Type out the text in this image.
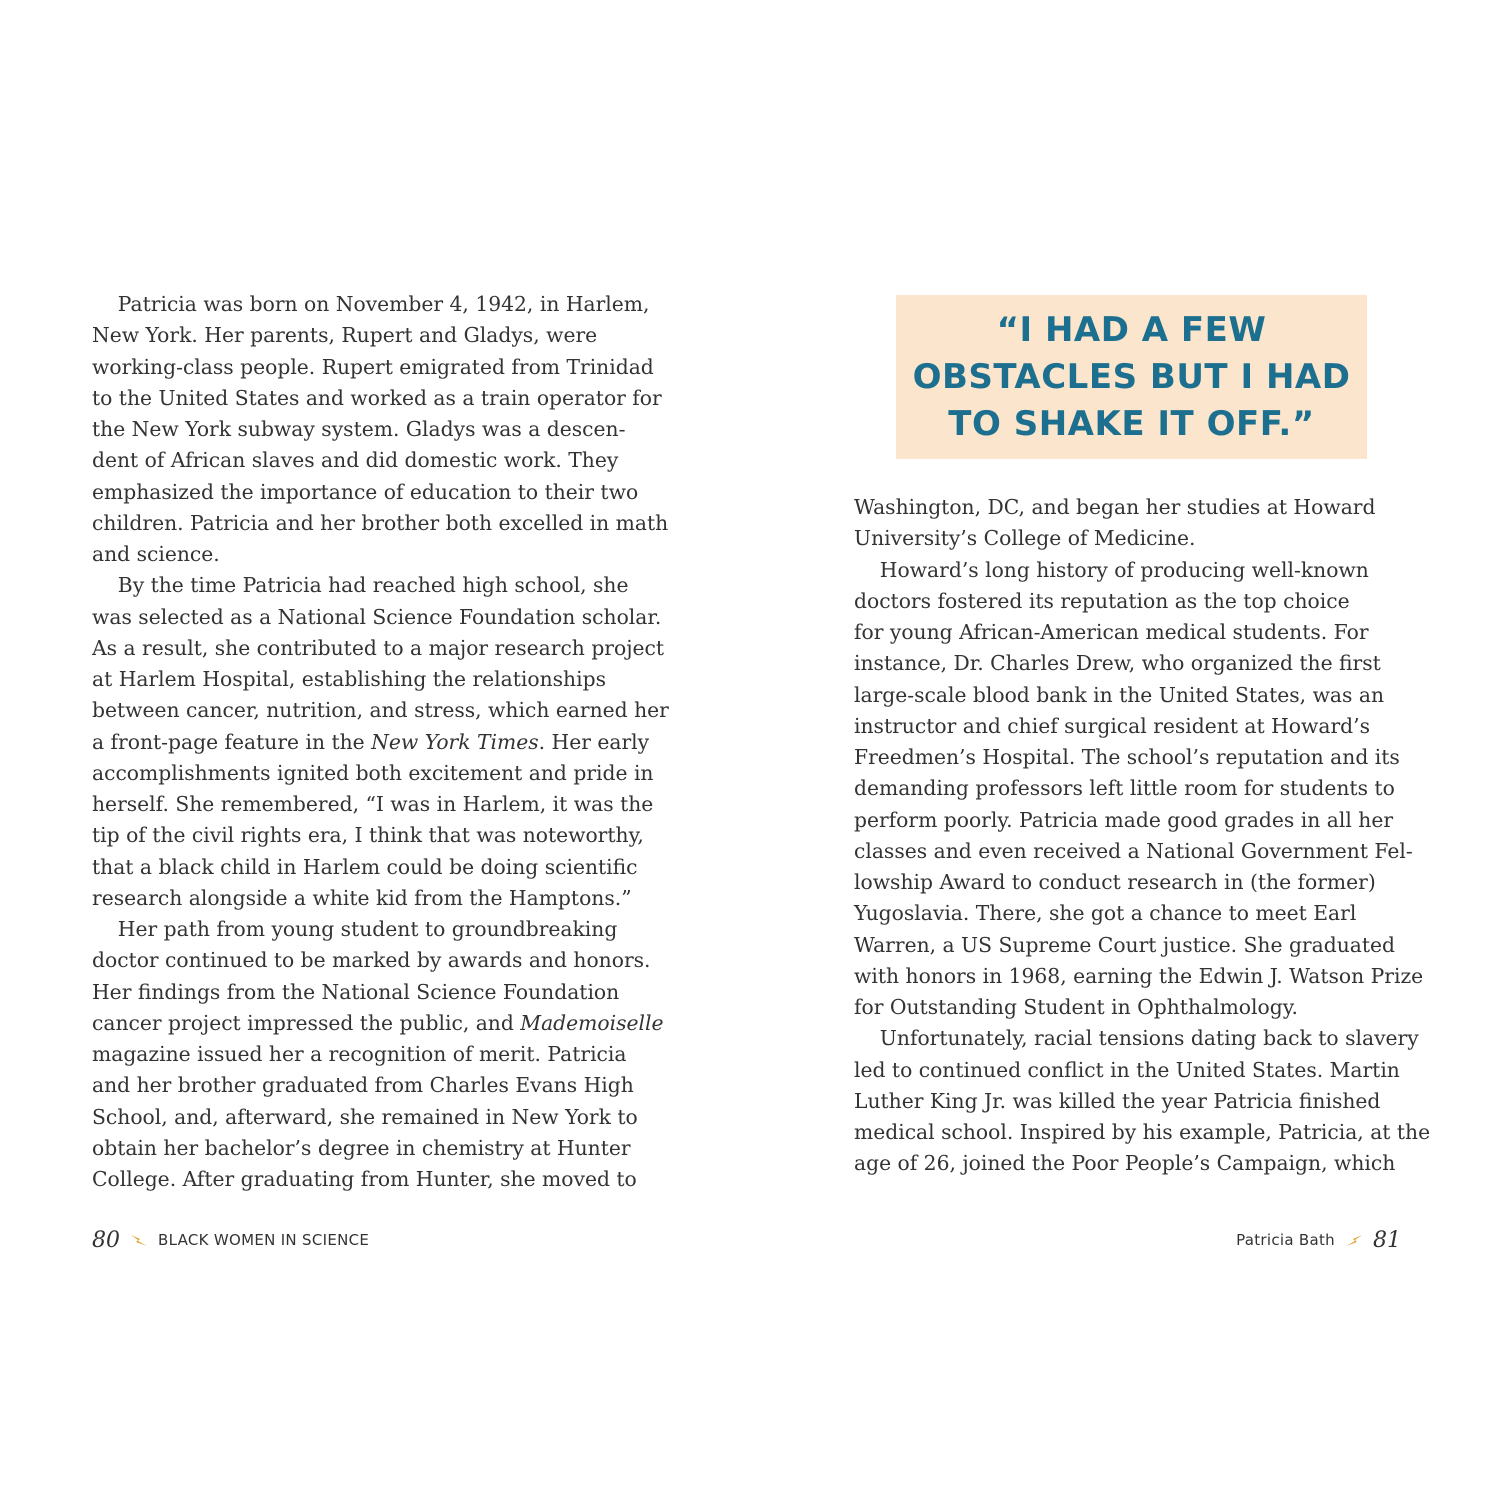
Patricia was born on November 4, 1942, in Harlem,
New York. Her parents, Rupert and Gladys, were
working-class people. Rupert emigrated from Trinidad
to the United States and worked as a train operator for
the New York subway system. Gladys was a descen-
dent of African slaves and did domestic work. They
emphasized the importance of education to their two
children. Patricia and her brother both excelled in math
and science.
By the time Patricia had reached high school, she
was selected as a National Science Foundation scholar.
As a result, she contributed to a major research project
at Harlem Hospital, establishing the relationships
between cancer, nutrition, and stress, which earned her
a front-page feature in the New York Times. Her early
accomplishments ignited both excitement and pride in
herself. She remembered, “I was in Harlem, it was the
tip of the civil rights era, I think that was noteworthy,
that a black child in Harlem could be doing scientific
research alongside a white kid from the Hamptons.”
Her path from young student to groundbreaking
doctor continued to be marked by awards and honors.
Her findings from the National Science Foundation
cancer project impressed the public, and Mademoiselle
magazine issued her a recognition of merit. Patricia
and her brother graduated from Charles Evans High
School, and, afterward, she remained in New York to
obtain her bachelor’s degree in chemistry at Hunter
College. After graduating from Hunter, she moved to
“I HAD A FEW
OBSTACLES BUT I HAD
TO SHAKE IT OFF.”
Washington, DC, and began her studies at Howard
University’s College of Medicine.
Howard’s long history of producing well-known
doctors fostered its reputation as the top choice
for young African-American medical students. For
instance, Dr. Charles Drew, who organized the first
large-scale blood bank in the United States, was an
instructor and chief surgical resident at Howard’s
Freedmen’s Hospital. The school’s reputation and its
demanding professors left little room for students to
perform poorly. Patricia made good grades in all her
classes and even received a National Government Fel-
lowship Award to conduct research in (the former)
Yugoslavia. There, she got a chance to meet Earl
Warren, a US Supreme Court justice. She graduated
with honors in 1968, earning the Edwin J. Watson Prize
for Outstanding Student in Ophthalmology.
Unfortunately, racial tensions dating back to slavery
led to continued conflict in the United States. Martin
Luther King Jr. was killed the year Patricia finished
medical school. Inspired by his example, Patricia, at the
age of 26, joined the Poor People’s Campaign, which
80	BLACK WOMEN IN SCIENCE	Patricia Bath 81
